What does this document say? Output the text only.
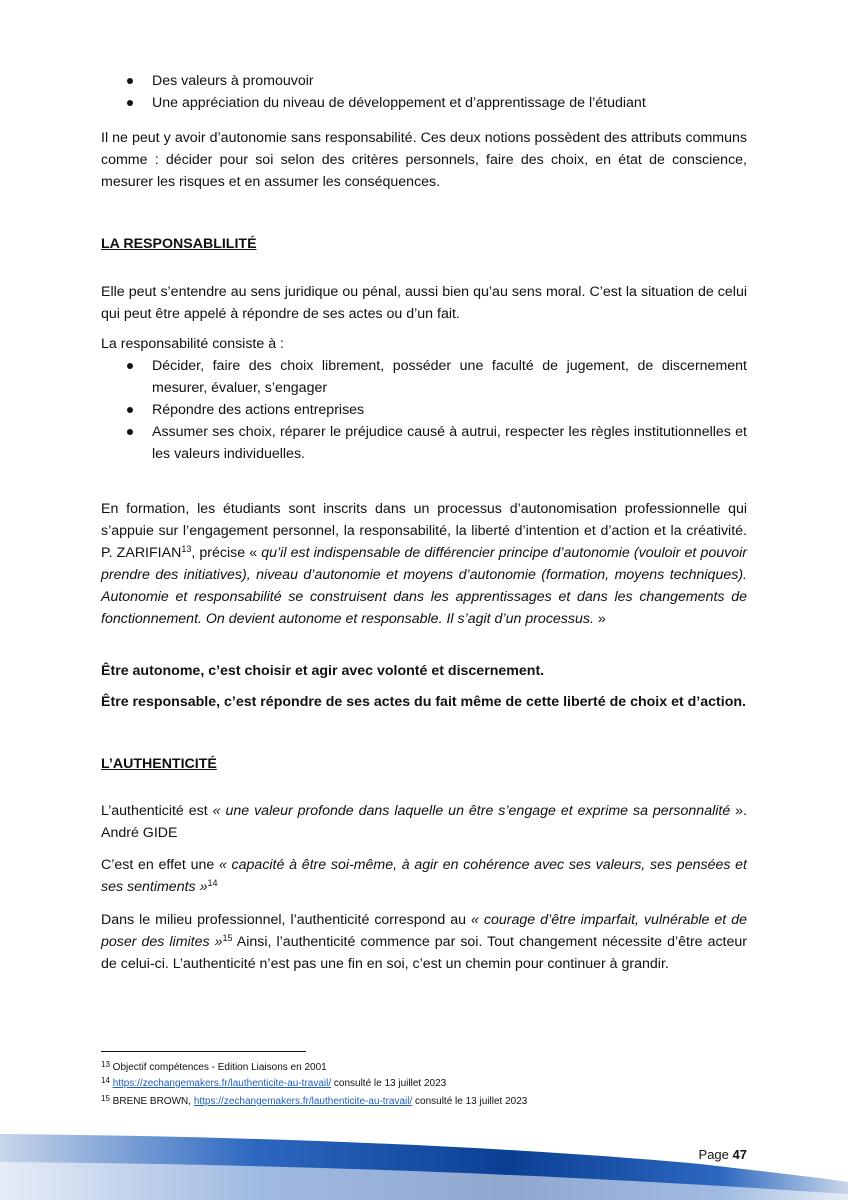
Des valeurs à promouvoir
Une appréciation du niveau de développement et d’apprentissage de l’étudiant

Il ne peut y avoir d’autonomie sans responsabilité. Ces deux notions possèdent des attributs communs comme : décider pour soi selon des critères personnels, faire des choix, en état de conscience, mesurer les risques et en assumer les conséquences.

LA RESPONSABLILITÉ

Elle peut s’entendre au sens juridique ou pénal, aussi bien qu’au sens moral. C’est la situation de celui qui peut être appelé à répondre de ses actes ou d’un fait.

La responsabilité consiste à :

Décider, faire des choix librement, posséder une faculté de jugement, de discernement mesurer, évaluer, s’engager
Répondre des actions entreprises
Assumer ses choix, réparer le préjudice causé à autrui, respecter les règles institutionnelles et les valeurs individuelles.

En formation, les étudiants sont inscrits dans un processus d’autonomisation professionnelle qui s’appuie sur l’engagement personnel, la responsabilité, la liberté d’intention et d’action et la créativité. P. ZARIFIAN$^{13}$, précise « qu’il est indispensable de différencier principe d’autonomie (vouloir et pouvoir prendre des initiatives), niveau d’autonomie et moyens d’autonomie (formation, moyens techniques). Autonomie et responsabilité se construisent dans les apprentissages et dans les changements de fonctionnement. On devient autonome et responsable. Il s’agit d’un processus. »

Être autonome, c’est choisir et agir avec volonté et discernement.

Être responsable, c’est répondre de ses actes du fait même de cette liberté de choix et d’action.

L’AUTHENTICITÉ

L’authenticité est « une valeur profonde dans laquelle un être s’engage et exprime sa personnalité ». André GIDE

C’est en effet une « capacité à être soi-même, à agir en cohérence avec ses valeurs, ses pensées et ses sentiments »$^{14}$

Dans le milieu professionnel, l’authenticité correspond au « courage d’être imparfait, vulnérable et de poser des limites »$^{15}$ Ainsi, l’authenticité commence par soi. Tout changement nécessite d’être acteur de celui-ci. L’authenticité n’est pas une fin en soi, c’est un chemin pour continuer à grandir.

$^{13}$ Objectif compétences - Edition Liaisons en 2001
$^{14}$ https://zechangemakers.fr/lauthenticite-au-travail/ consulté le 13 juillet 2023
$^{15}$ BRENE BROWN, https://zechangemakers.fr/lauthenticite-au-travail/ consulté le 13 juillet 2023
Page 47
